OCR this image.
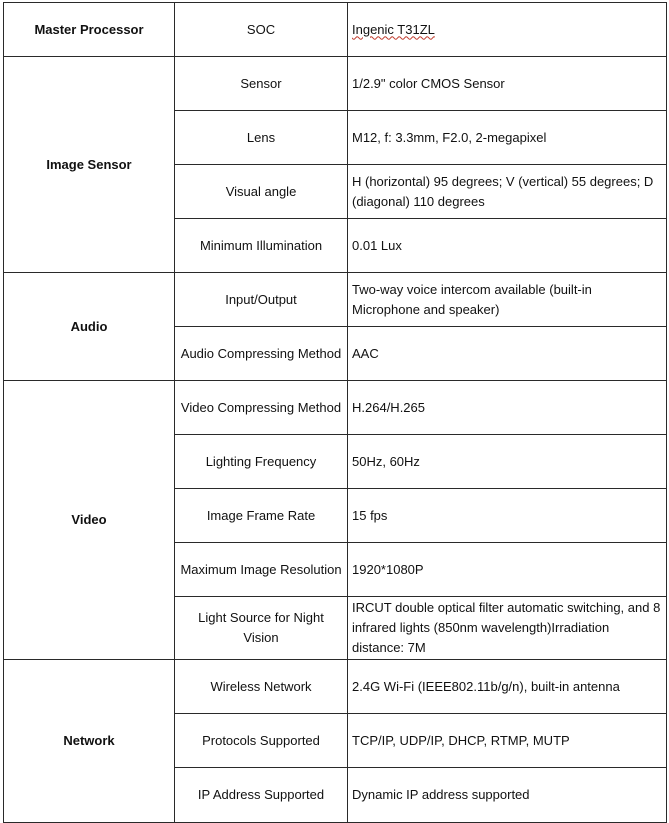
Master Processor	SOC	Ingenic T31ZL
Image Sensor	Sensor	1/2.9" color CMOS Sensor
	Lens	M12, f: 3.3mm, F2.0, 2-megapixel
	Visual angle	H (horizontal) 95 degrees; V (vertical) 55 degrees; D (diagonal) 110 degrees
	Minimum Illumination	0.01 Lux
Audio	Input/Output	Two-way voice intercom available (built-in Microphone and speaker)
	Audio Compressing Method	AAC
Video	Video Compressing Method	H.264/H.265
	Lighting Frequency	50Hz, 60Hz
	Image Frame Rate	15 fps
	Maximum Image Resolution	1920*1080P
	Light Source for Night Vision	IRCUT double optical filter automatic switching, and 8 infrared lights (850nm wavelength)Irradiation distance: 7M
Network	Wireless Network	2.4G Wi-Fi (IEEE802.11b/g/n), built-in antenna
	Protocols Supported	TCP/IP, UDP/IP, DHCP, RTMP, MUTP
	IP Address Supported	Dynamic IP address supported
